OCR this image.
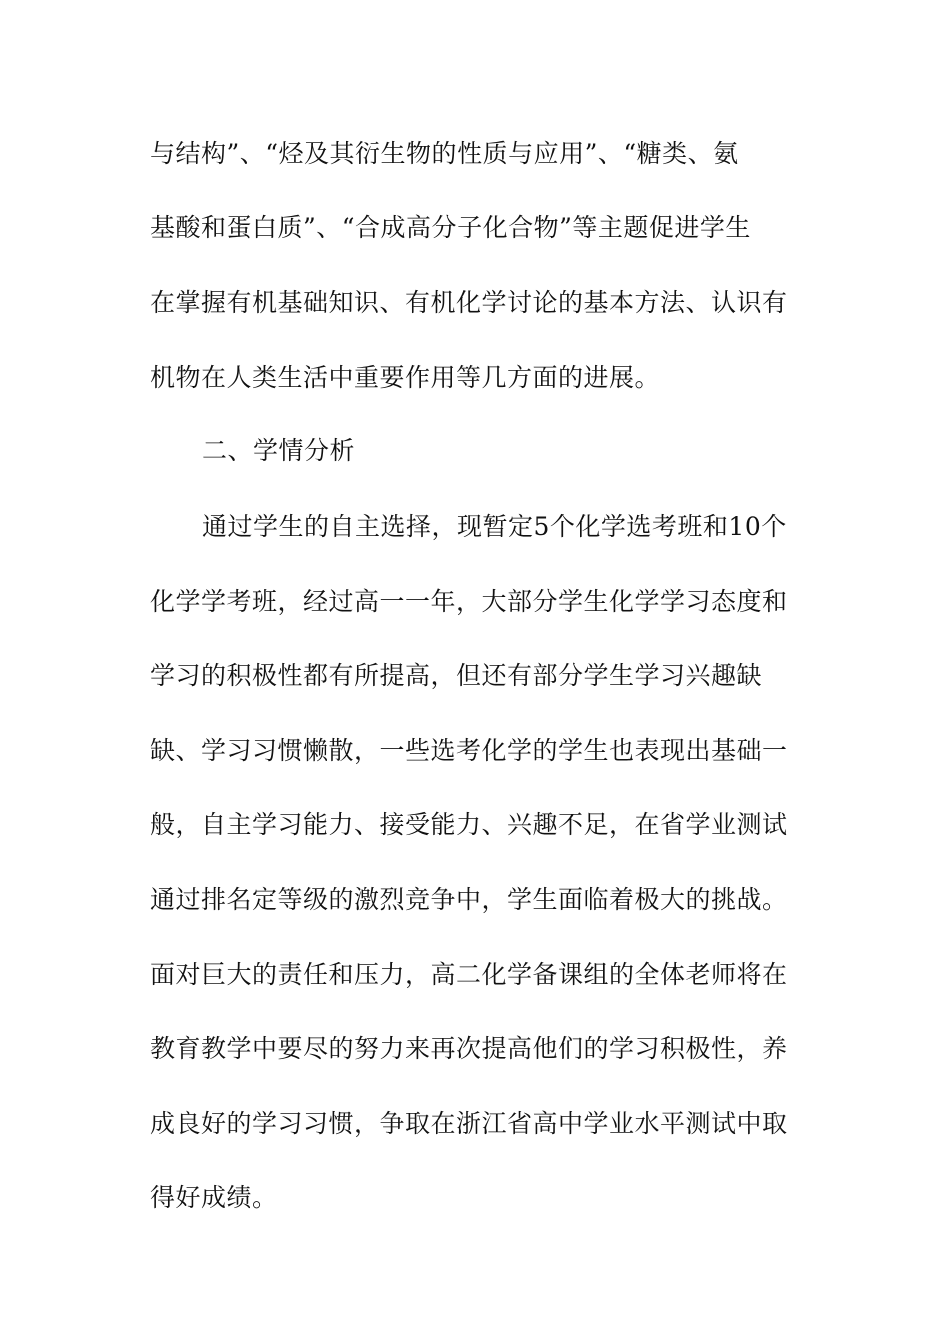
与结构”、“烃及其衍生物的性质与应用”、“糖类、氨
基酸和蛋白质”、“合成高分子化合物”等主题促进学生
在掌握有机基础知识、有机化学讨论的基本方法、认识有
机物在人类生活中重要作用等几方面的进展。
二、学情分析
通过学生的自主选择，现暂定5个化学选考班和10个
化学学考班，经过高一一年，大部分学生化学学习态度和
学习的积极性都有所提高，但还有部分学生学习兴趣缺
缺、学习习惯懒散，一些选考化学的学生也表现出基础一
般，自主学习能力、接受能力、兴趣不足，在省学业测试
通过排名定等级的激烈竞争中，学生面临着极大的挑战。
面对巨大的责任和压力，高二化学备课组的全体老师将在
教育教学中要尽的努力来再次提高他们的学习积极性，养
成良好的学习习惯，争取在浙江省高中学业水平测试中取
得好成绩。
